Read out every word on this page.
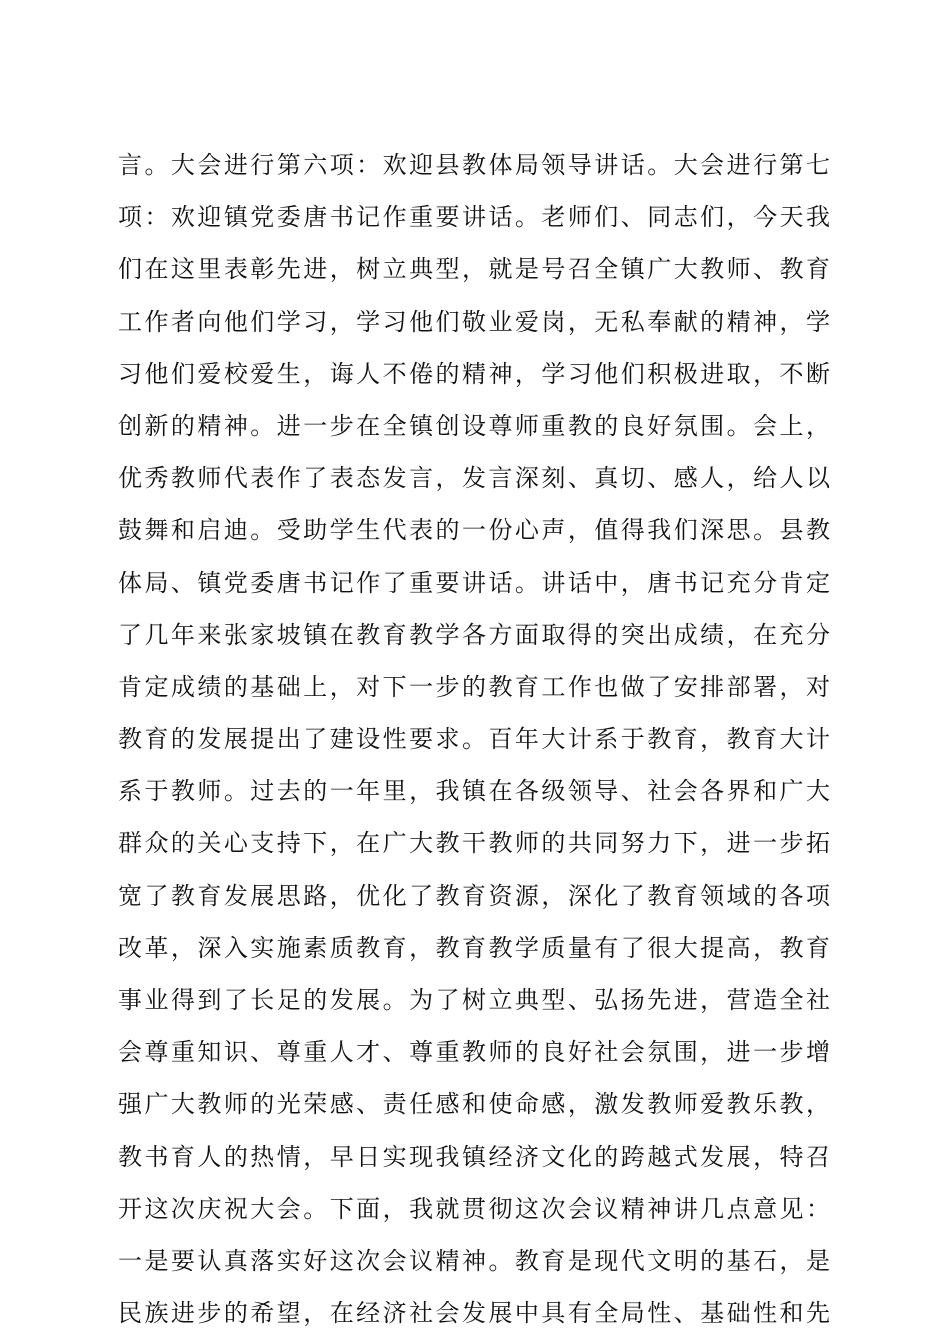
言。大会进行第六项：欢迎县教体局领导讲话。大会进行第七
项：欢迎镇党委唐书记作重要讲话。老师们、同志们，今天我
们在这里表彰先进，树立典型，就是号召全镇广大教师、教育
工作者向他们学习，学习他们敬业爱岗，无私奉献的精神，学
习他们爱校爱生，诲人不倦的精神，学习他们积极进取，不断
创新的精神。进一步在全镇创设尊师重教的良好氛围。会上，
优秀教师代表作了表态发言，发言深刻、真切、感人，给人以
鼓舞和启迪。受助学生代表的一份心声，值得我们深思。县教
体局、镇党委唐书记作了重要讲话。讲话中，唐书记充分肯定
了几年来张家坡镇在教育教学各方面取得的突出成绩，在充分
肯定成绩的基础上，对下一步的教育工作也做了安排部署，对
教育的发展提出了建设性要求。百年大计系于教育，教育大计
系于教师。过去的一年里，我镇在各级领导、社会各界和广大
群众的关心支持下，在广大教干教师的共同努力下，进一步拓
宽了教育发展思路，优化了教育资源，深化了教育领域的各项
改革，深入实施素质教育，教育教学质量有了很大提高，教育
事业得到了长足的发展。为了树立典型、弘扬先进，营造全社
会尊重知识、尊重人才、尊重教师的良好社会氛围，进一步增
强广大教师的光荣感、责任感和使命感，激发教师爱教乐教，
教书育人的热情，早日实现我镇经济文化的跨越式发展，特召
开这次庆祝大会。下面，我就贯彻这次会议精神讲几点意见：
一是要认真落实好这次会议精神。教育是现代文明的基石，是
民族进步的希望，在经济社会发展中具有全局性、基础性和先
